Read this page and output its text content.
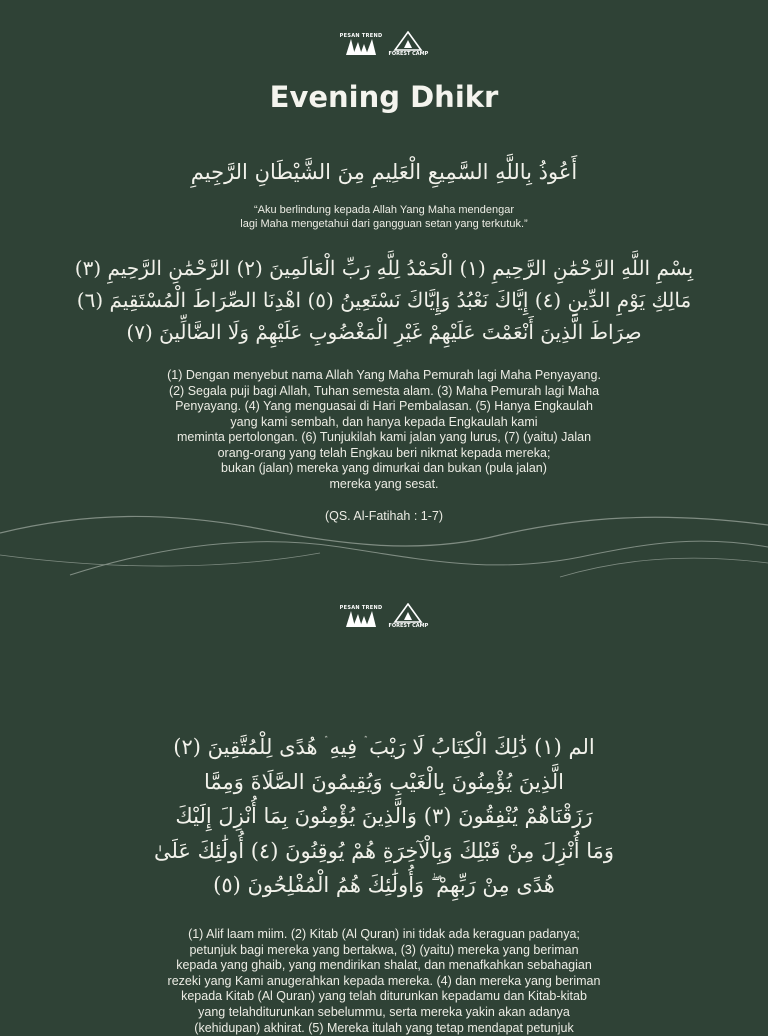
PESAN TREND
FOREST CAMP
Evening Dhikr
أَعُوذُ بِاللَّهِ السَّمِيعِ الْعَلِيمِ مِنَ الشَّيْطَانِ الرَّجِيمِ
“Aku berlindung kepada Allah Yang Maha mendengar
lagi Maha mengetahui dari gangguan setan yang terkutuk.”
بِسْمِ اللَّهِ الرَّحْمَٰنِ الرَّحِيمِ (١) الْحَمْدُ لِلَّهِ رَبِّ الْعَالَمِينَ (٢) الرَّحْمَٰنِ الرَّحِيمِ (٣)
مَالِكِ يَوْمِ الدِّينِ (٤) إِيَّاكَ نَعْبُدُ وَإِيَّاكَ نَسْتَعِينُ (٥) اهْدِنَا الصِّرَاطَ الْمُسْتَقِيمَ (٦)
صِرَاطَ الَّذِينَ أَنْعَمْتَ عَلَيْهِمْ غَيْرِ الْمَغْضُوبِ عَلَيْهِمْ وَلَا الضَّالِّينَ (٧)
(1) Dengan menyebut nama Allah Yang Maha Pemurah lagi Maha Penyayang.
(2) Segala puji bagi Allah, Tuhan semesta alam. (3) Maha Pemurah lagi Maha
Penyayang. (4) Yang menguasai di Hari Pembalasan. (5) Hanya Engkaulah
yang kami sembah, dan hanya kepada Engkaulah kami
meminta pertolongan. (6) Tunjukilah kami jalan yang lurus, (7) (yaitu) Jalan
orang-orang yang telah Engkau beri nikmat kepada mereka;
bukan (jalan) mereka yang dimurkai dan bukan (pula jalan)
mereka yang sesat.
(QS. Al-Fatihah : 1-7)
PESAN TREND
FOREST CAMP
الم (١) ذَٰلِكَ الْكِتَابُ لَا رَيْبَ ۛ فِيهِ ۛ هُدًى لِلْمُتَّقِينَ (٢)
الَّذِينَ يُؤْمِنُونَ بِالْغَيْبِ وَيُقِيمُونَ الصَّلَاةَ وَمِمَّا
رَزَقْنَاهُمْ يُنْفِقُونَ (٣) وَالَّذِينَ يُؤْمِنُونَ بِمَا أُنْزِلَ إِلَيْكَ
وَمَا أُنْزِلَ مِنْ قَبْلِكَ وَبِالْآخِرَةِ هُمْ يُوقِنُونَ (٤) أُولَٰئِكَ عَلَىٰ
هُدًى مِنْ رَبِّهِمْ ۖ وَأُولَٰئِكَ هُمُ الْمُفْلِحُونَ (٥)
(1) Alif laam miim. (2) Kitab (Al Quran) ini tidak ada keraguan padanya;
petunjuk bagi mereka yang bertakwa, (3) (yaitu) mereka yang beriman
kepada yang ghaib, yang mendirikan shalat, dan menafkahkan sebahagian
rezeki yang Kami anugerahkan kepada mereka. (4) dan mereka yang beriman
kepada Kitab (Al Quran) yang telah diturunkan kepadamu dan Kitab-kitab
yang telahditurunkan sebelummu, serta mereka yakin akan adanya
(kehidupan) akhirat. (5) Mereka itulah yang tetap mendapat petunjuk
